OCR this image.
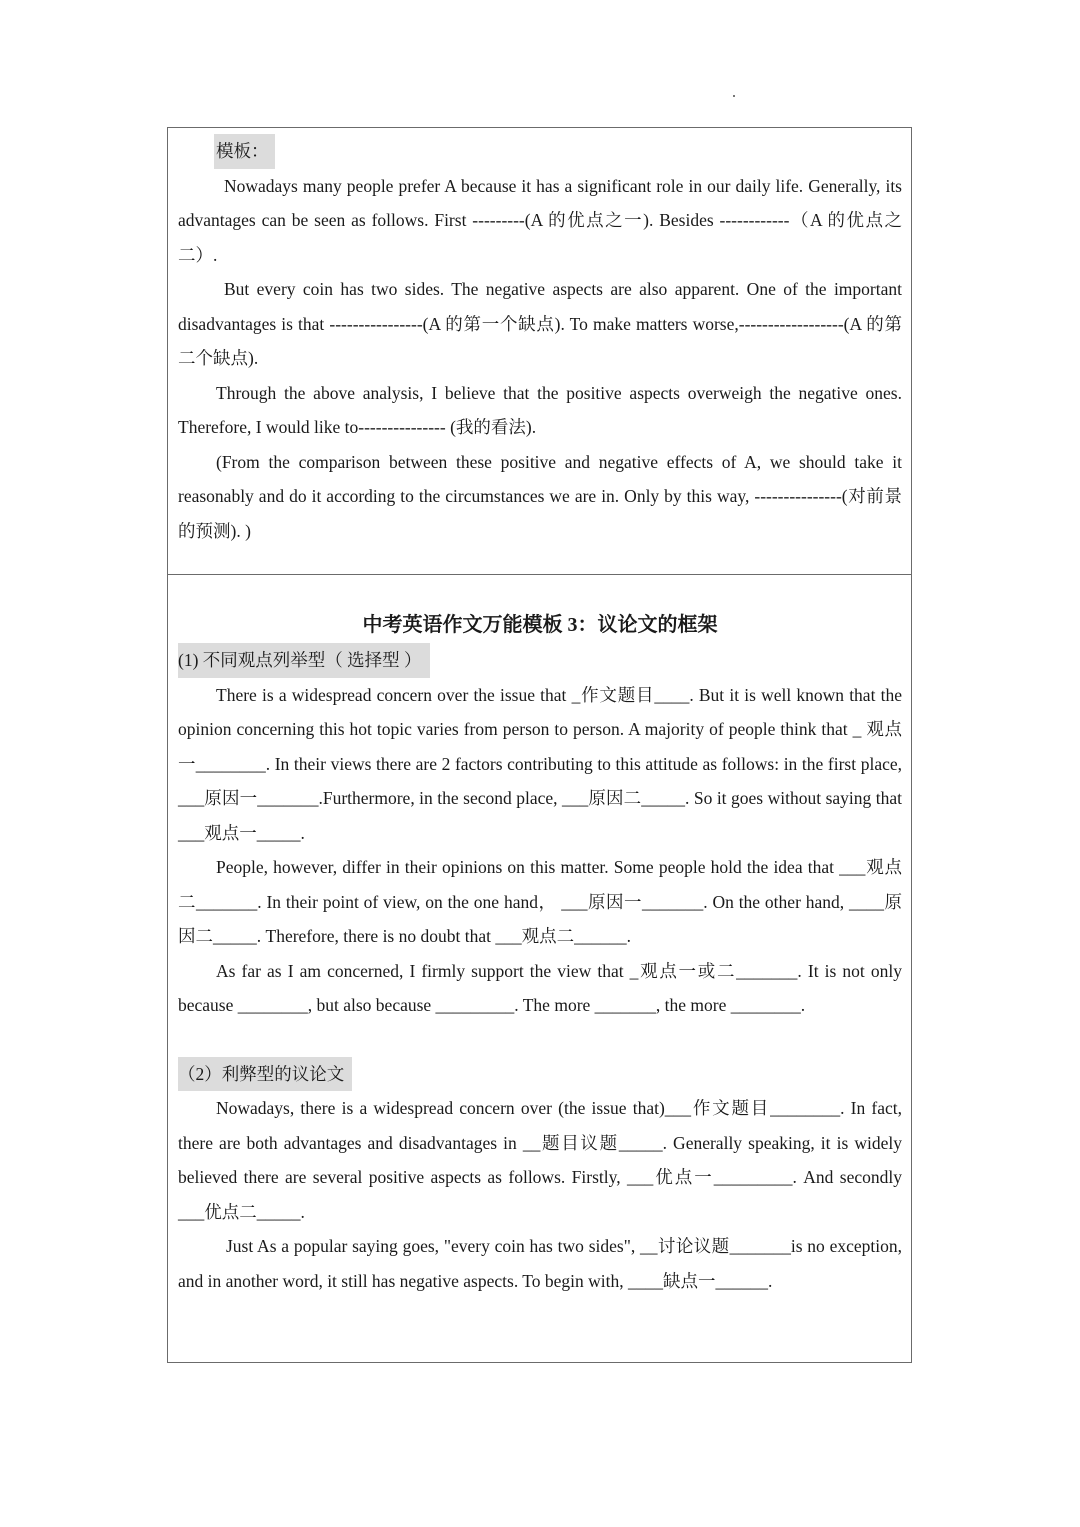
模板：

Nowadays many people prefer A because it has a significant role in our daily life. Generally, its advantages can be seen as follows. First ---------(A 的优点之一). Besides ------------（A 的优点之二）.

But every coin has two sides. The negative aspects are also apparent. One of the important disadvantages is that ----------------(A 的第一个缺点). To make matters worse,------------------(A 的第二个缺点).

Through the above analysis, I believe that the positive aspects overweigh the negative ones. Therefore, I would like to--------------- (我的看法).

(From the comparison between these positive and negative effects of A, we should take it reasonably and do it according to the circumstances we are in. Only by this way, ---------------(对前景的预测). )

中考英语作文万能模板 3：议论文的框架

(1) 不同观点列举型（ 选择型 ）

There is a widespread concern over the issue that _作文题目____. But it is well known that the opinion concerning this hot topic varies from person to person. A majority of people think that _ 观点一________. In their views there are 2 factors contributing to this attitude as follows: in the first place, ___原因一_______.Furthermore, in the second place, ___原因二_____. So it goes without saying that ___观点一_____.

People, however, differ in their opinions on this matter. Some people hold the idea that ___观点二_______. In their point of view, on the one hand， ___原因一_______. On the other hand, ____原因二_____. Therefore, there is no doubt that ___观点二______.

As far as I am concerned, I firmly support the view that _观点一或二_______. It is not only because ________, but also because _________. The more _______, the more ________.

（2）利弊型的议论文

Nowadays, there is a widespread concern over (the issue that)___作文题目________. In fact, there are both advantages and disadvantages in __题目议题_____. Generally speaking, it is widely believed there are several positive aspects as follows. Firstly, ___优点一_________. And secondly ___优点二_____.

Just As a popular saying goes, "every coin has two sides", __讨论议题_______is no exception, and in another word, it still has negative aspects. To begin with, ____缺点一______.
